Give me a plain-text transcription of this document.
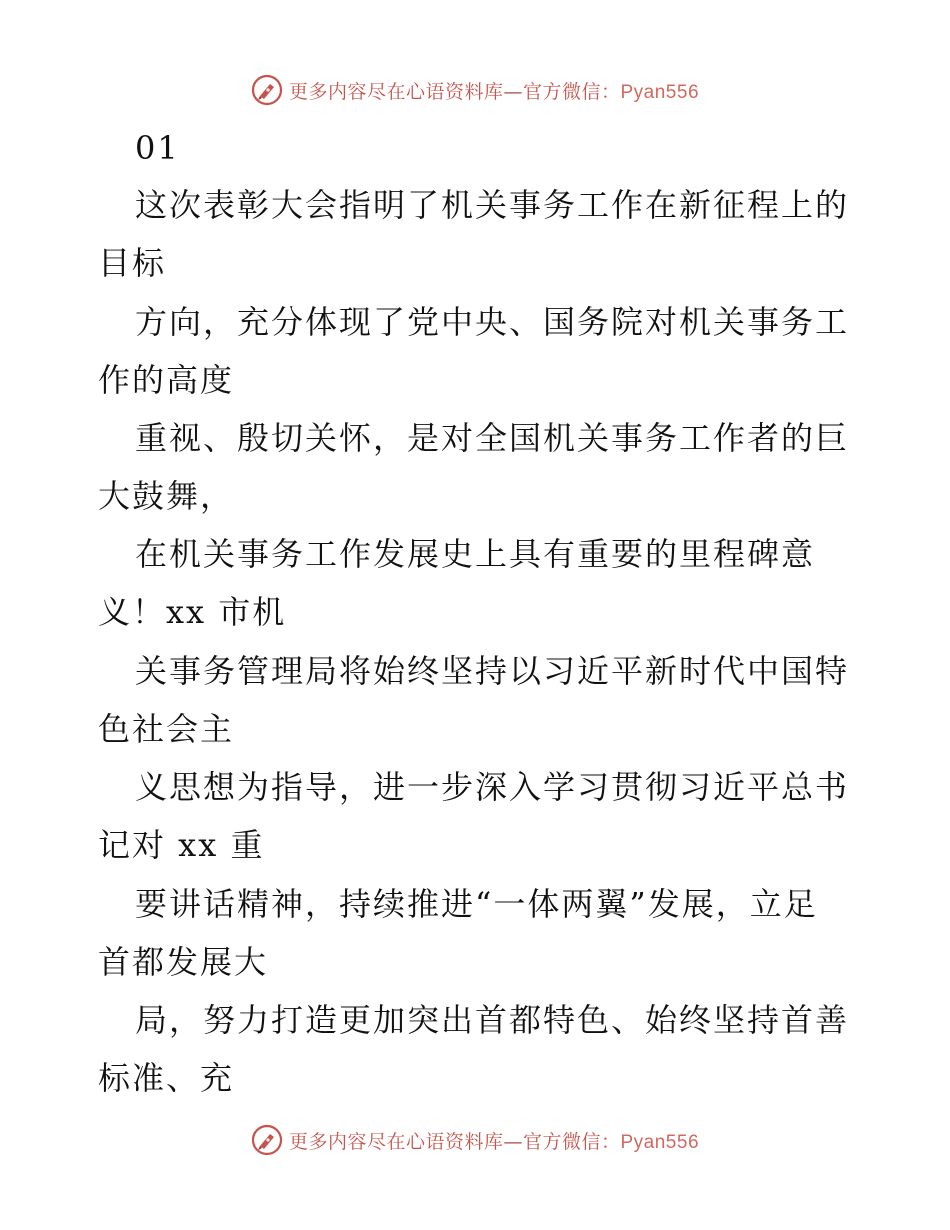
更多内容尽在心语资料库—官方微信：Pyan556
01
这次表彰大会指明了机关事务工作在新征程上的
目标
方向，充分体现了党中央、国务院对机关事务工
作的高度
重视、殷切关怀，是对全国机关事务工作者的巨
大鼓舞，
在机关事务工作发展史上具有重要的里程碑意
义！xx 市机
关事务管理局将始终坚持以习近平新时代中国特
色社会主
义思想为指导，进一步深入学习贯彻习近平总书
记对 xx 重
要讲话精神，持续推进“一体两翼”发展，立足
首都发展大
局，努力打造更加突出首都特色、始终坚持首善
标准、充
更多内容尽在心语资料库—官方微信：Pyan556
